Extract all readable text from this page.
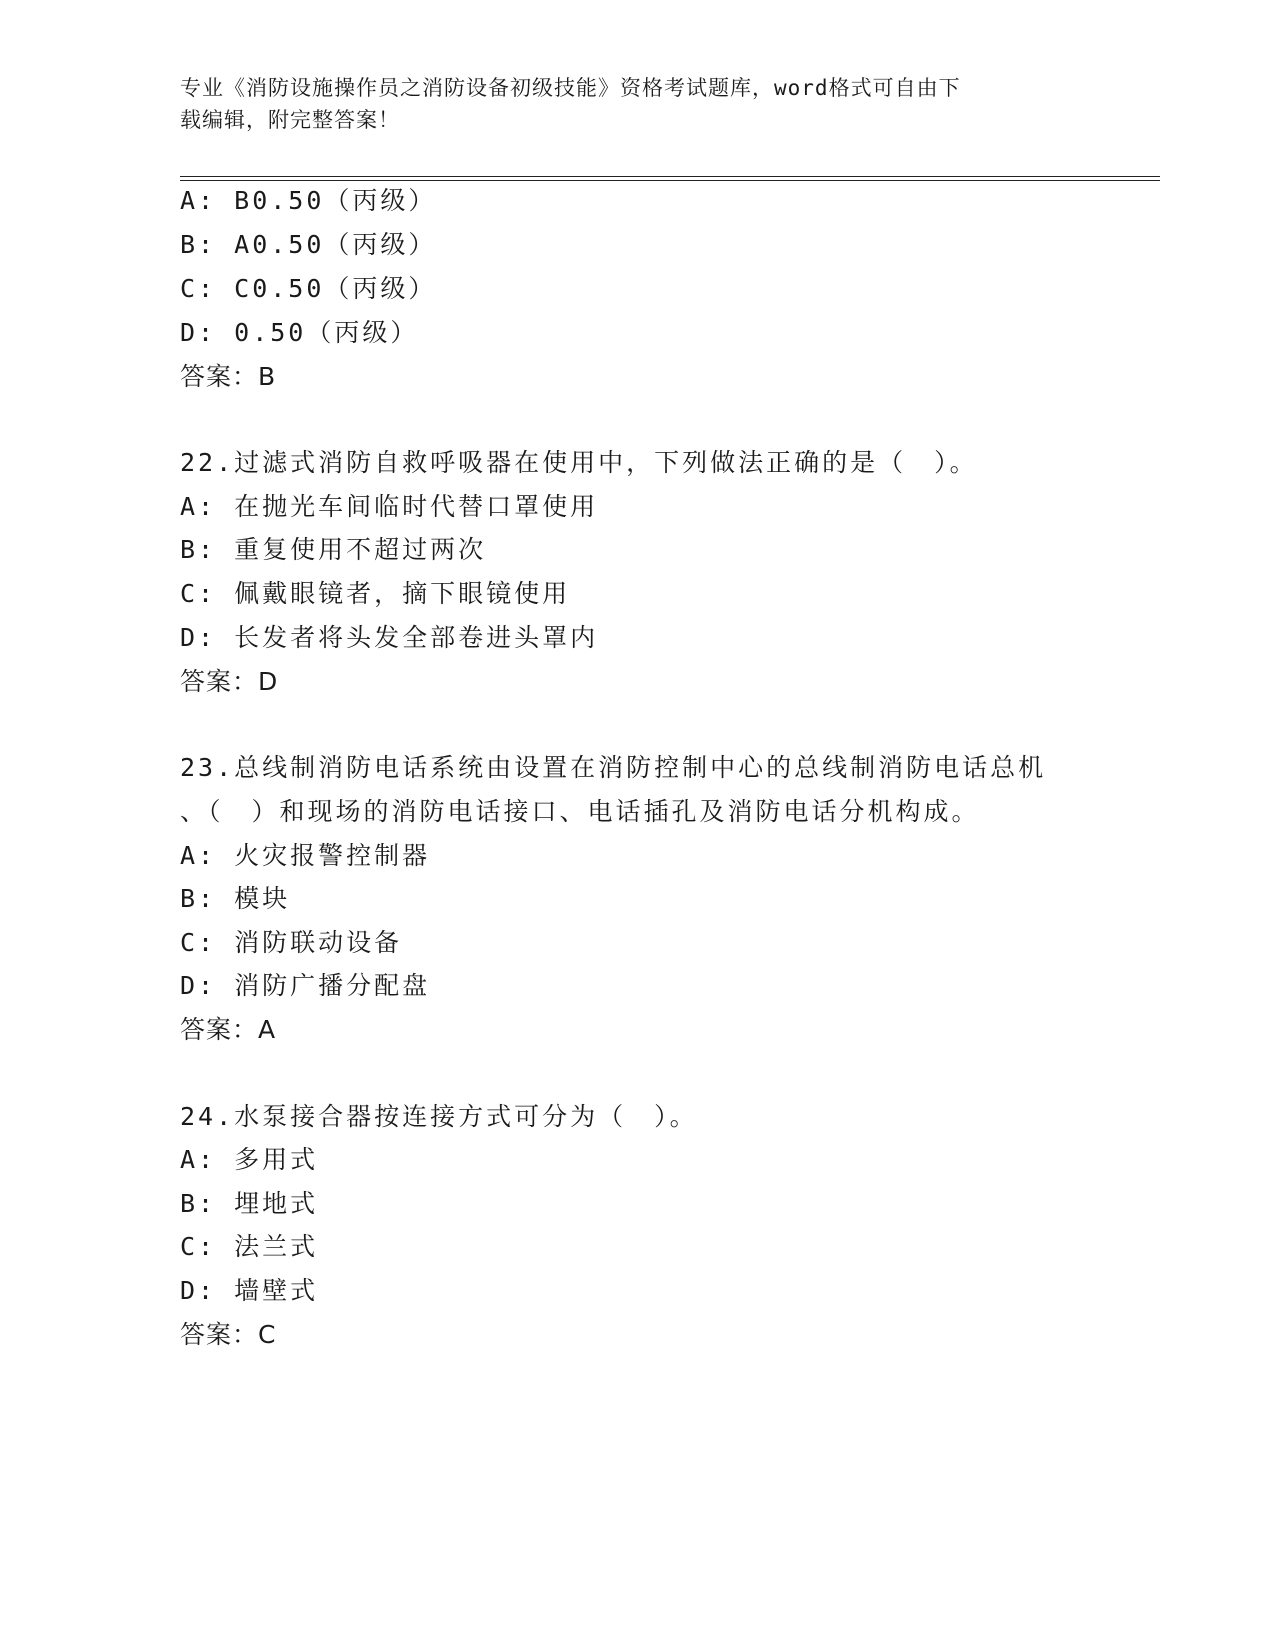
专业《消防设施操作员之消防设备初级技能》资格考试题库，word格式可自由下
载编辑，附完整答案！
A: B0.50（丙级）
B: A0.50（丙级）
C: C0.50（丙级）
D: 0.50（丙级）
答案：B
22.过滤式消防自救呼吸器在使用中，下列做法正确的是（　）。
A: 在抛光车间临时代替口罩使用
B: 重复使用不超过两次
C: 佩戴眼镜者，摘下眼镜使用
D: 长发者将头发全部卷进头罩内
答案：D
23.总线制消防电话系统由设置在消防控制中心的总线制消防电话总机
、（　）和现场的消防电话接口、电话插孔及消防电话分机构成。
A: 火灾报警控制器
B: 模块
C: 消防联动设备
D: 消防广播分配盘
答案：A
24.水泵接合器按连接方式可分为（　）。
A: 多用式
B: 埋地式
C: 法兰式
D: 墙壁式
答案：C
